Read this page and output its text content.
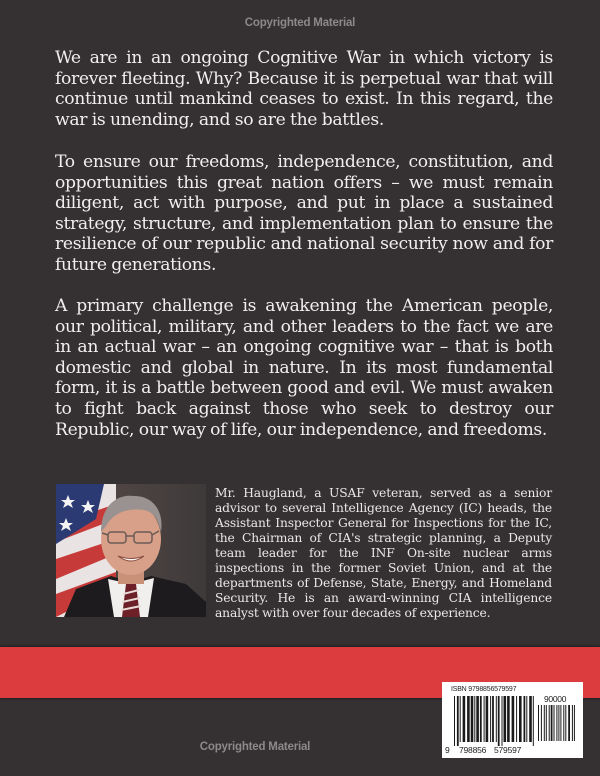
Copyrighted Material
We are in an ongoing Cognitive War in which victory is forever fleeting. Why? Because it is perpetual war that will continue until mankind ceases to exist. In this regard, the war is unending, and so are the battles.
To ensure our freedoms, independence, constitution, and opportunities this great nation offers – we must remain diligent, act with purpose, and put in place a sustained strategy, structure, and implementation plan to ensure the resilience of our republic and national security now and for future generations.
A primary challenge is awakening the American people, our political, military, and other leaders to the fact we are in an actual war – an ongoing cognitive war – that is both domestic and global in nature. In its most fundamental form, it is a battle between good and evil. We must awaken to fight back against those who seek to destroy our Republic, our way of life, our independence, and freedoms.
Mr. Haugland, a USAF veteran, served as a senior advisor to several Intelligence Agency (IC) heads, the Assistant Inspector General for Inspections for the IC, the Chairman of CIA's strategic planning, a Deputy team leader for the INF On-site nuclear arms inspections in the former Soviet Union, and at the departments of Defense, State, Energy, and Homeland Security. He is an award-winning CIA intelligence analyst with over four decades of experience.
Copyrighted Material
ISBN 9798856579597
90000
9 798856 579597
